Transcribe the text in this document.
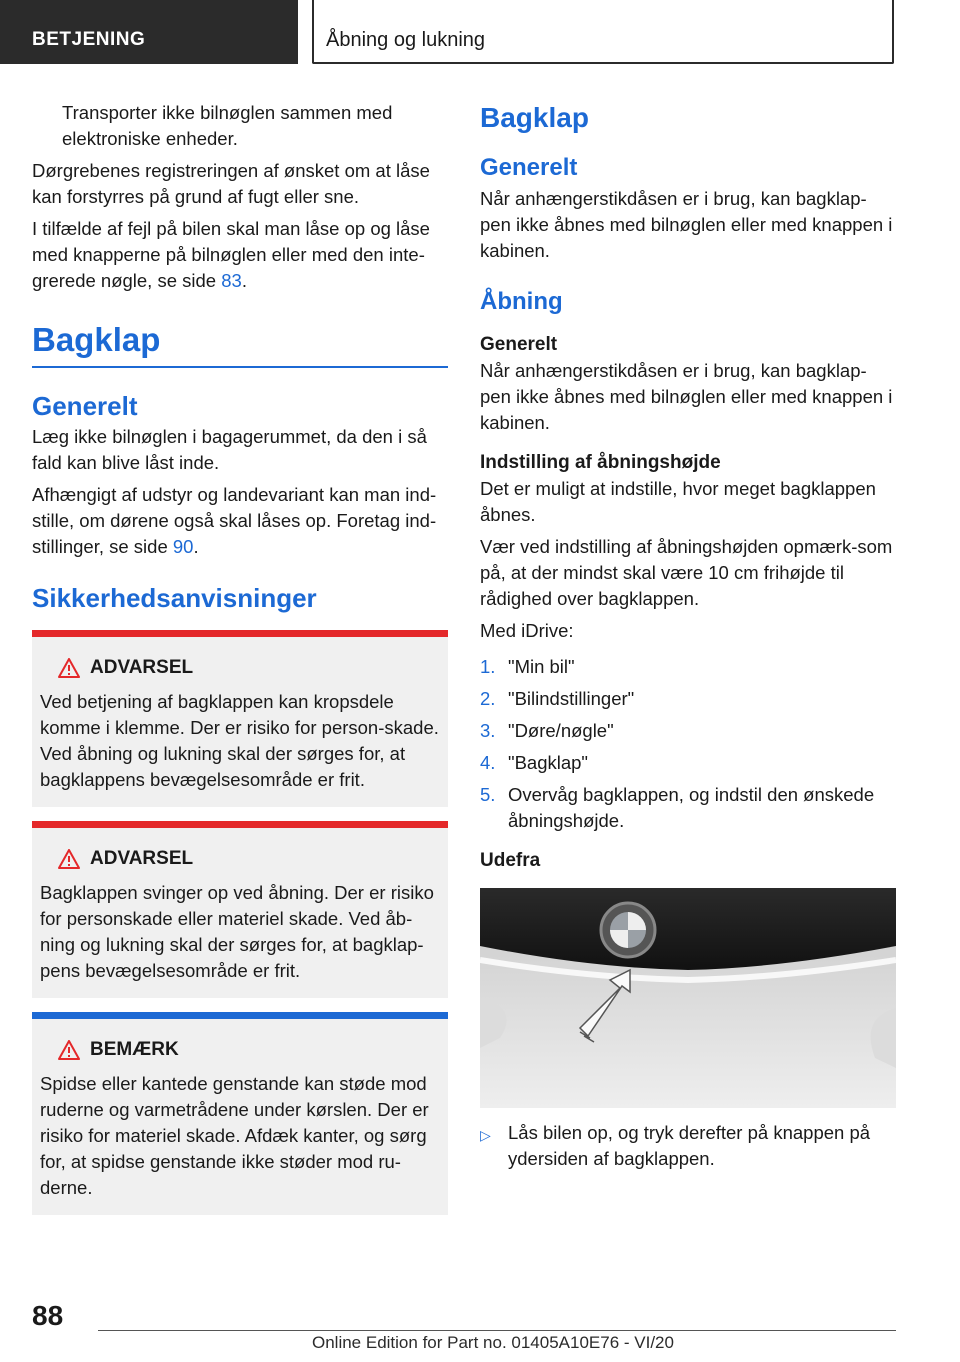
BETJENING	Åbning og lukning

Transporter ikke bilnøglen sammen med elektroniske enheder.

Dørgrebenes registreringen af ønsket om at låse kan forstyrres på grund af fugt eller sne.

I tilfælde af fejl på bilen skal man låse op og låse med knapperne på bilnøglen eller med den inte-grerede nøgle, se side 83.

Bagklap
Generelt

Læg ikke bilnøglen i bagagerummet, da den i så fald kan blive låst inde.

Afhængigt af udstyr og landevariant kan man ind-stille, om dørene også skal låses op. Foretag ind-stillinger, se side 90.

Sikkerhedsanvisninger
ADVARSEL

Ved betjening af bagklappen kan kropsdele komme i klemme. Der er risiko for person-skade. Ved åbning og lukning skal der sørges for, at bagklappens bevægelsesområde er frit.

ADVARSEL

Bagklappen svinger op ved åbning. Der er risiko for personskade eller materiel skade. Ved åb-ning og lukning skal der sørges for, at bagklap-pens bevægelsesområde er frit.

BEMÆRK

Spidse eller kantede genstande kan støde mod ruderne og varmetrådene under kørslen. Der er risiko for materiel skade. Afdæk kanter, og sørg for, at spidse genstande ikke støder mod ru-derne.

Bagklap
Generelt

Når anhængerstikdåsen er i brug, kan bagklap-pen ikke åbnes med bilnøglen eller med knappen i kabinen.

Åbning
Generelt

Når anhængerstikdåsen er i brug, kan bagklap-pen ikke åbnes med bilnøglen eller med knappen i kabinen.

Indstilling af åbningshøjde

Det er muligt at indstille, hvor meget bagklappen åbnes.

Vær ved indstilling af åbningshøjden opmærk-som på, at der mindst skal være 10 cm frihøjde til rådighed over bagklappen.

Med iDrive:

1. "Min bil"
2. "Bilindstillinger"
3. "Døre/nøgle"
4. "Bagklap"
5. Overvåg bagklappen, og indstil den ønskede åbningshøjde.
Udefra
▷ Lås bilen op, og tryk derefter på knappen på ydersiden af bagklappen.
88
Online Edition for Part no. 01405A10E76 - VI/20
